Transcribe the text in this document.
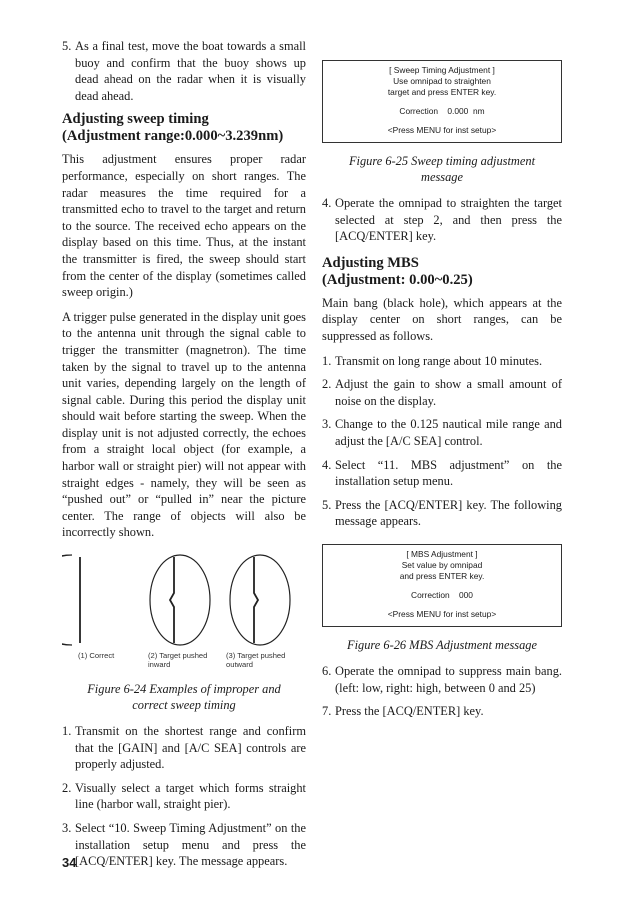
5. As a final test, move the boat towards a small buoy and confirm that the buoy shows up dead ahead on the radar when it is visually dead ahead.
Adjusting sweep timing
(Adjustment range:0.000~3.239nm)

This adjustment ensures proper radar performance, especially on short ranges. The radar measures the time required for a transmitted echo to travel to the target and return to the source. The received echo appears on the display based on this time. Thus, at the instant the transmitter is fired, the sweep should start from the center of the display (sometimes called sweep origin.)

A trigger pulse generated in the display unit goes to the antenna unit through the signal cable to trigger the transmitter (magnetron). The time taken by the signal to travel up to the antenna unit varies, depending largely on the length of signal cable. During this period the display unit should wait before starting the sweep. When the display unit is not adjusted correctly, the echoes from a straight local object (for example, a harbor wall or straight pier) will not appear with straight edges - namely, they will be seen as “pushed out” or “pulled in” near the picture center. The range of objects will also be incorrectly shown.

(1) Correct	(2) Target pushed inward
(3) Target pushed outward
Figure 6-24 Examples of improper and
correct sweep timing
1. Transmit on the shortest range and confirm that the [GAIN] and [A/C SEA] controls are properly adjusted.
2. Visually select a target which forms straight line (harbor wall, straight pier).
3. Select “10. Sweep Timing Adjustment” on the installation setup menu and press the [ACQ/ENTER] key. The message appears.
[ Sweep Timing Adjustment ]
Use omnipad to straighten
target and press ENTER key.
Correction    0.000  nm
<Press MENU for inst setup>
Figure 6-25 Sweep timing adjustment
message
4. Operate the omnipad to straighten the target selected at step 2, and then press the [ACQ/ENTER] key.
Adjusting MBS
(Adjustment: 0.00~0.25)

Main bang (black hole), which appears at the display center on short ranges, can be suppressed as follows.

1. Transmit on long range about 10 minutes.
2. Adjust the gain to show a small amount of noise on the display.
3. Change to the 0.125 nautical mile range and adjust the [A/C SEA] control.
4. Select “11. MBS adjustment” on the installation setup menu.
5. Press the [ACQ/ENTER] key. The following message appears.
[ MBS Adjustment ]
Set value by omnipad
and press ENTER key.
Correction    000
<Press MENU for inst setup>
Figure 6-26 MBS Adjustment message
6. Operate the omnipad to suppress main bang. (left: low, right: high, between 0 and 25)
7. Press the [ACQ/ENTER] key.
34
